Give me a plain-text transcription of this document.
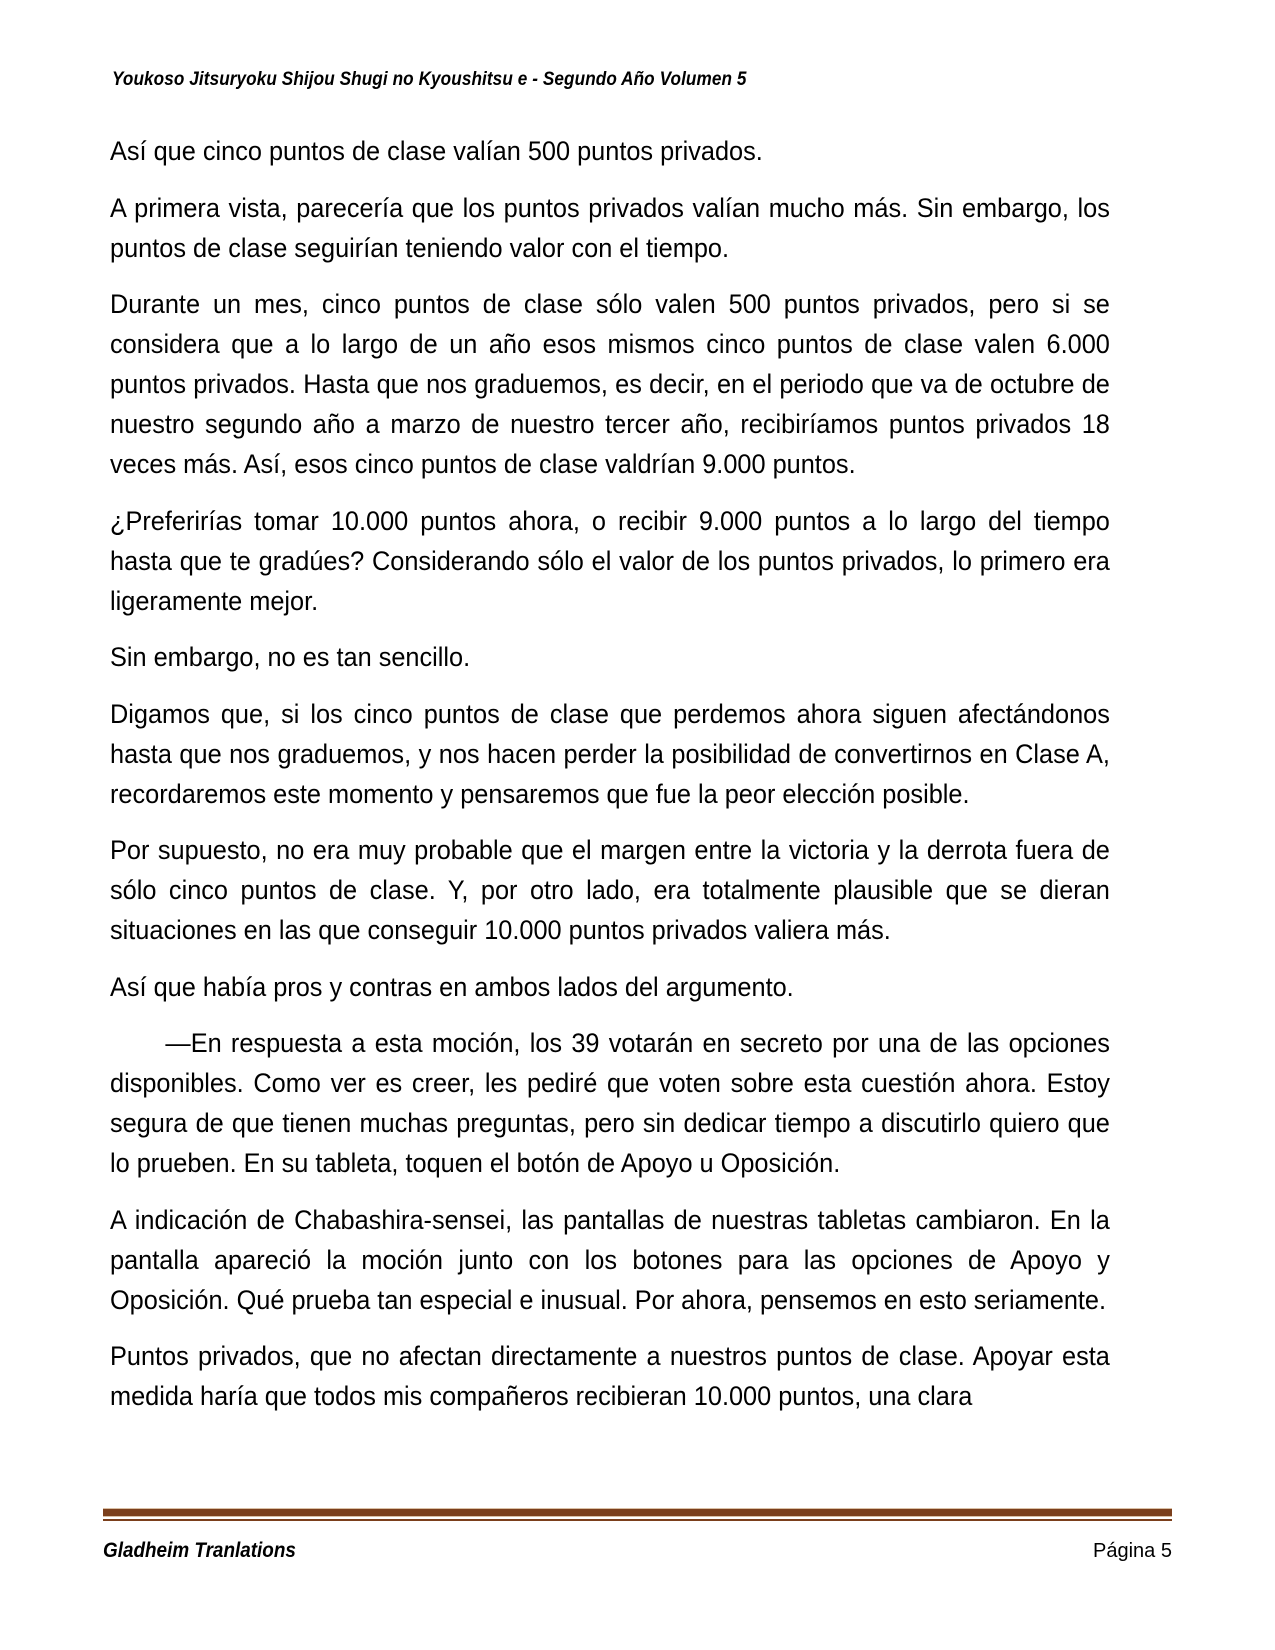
Youkoso Jitsuryoku Shijou Shugi no Kyoushitsu e - Segundo Año Volumen 5

Así que cinco puntos de clase valían 500 puntos privados.

A primera vista, parecería que los puntos privados valían mucho más. Sin embargo, los puntos de clase seguirían teniendo valor con el tiempo.

Durante un mes, cinco puntos de clase sólo valen 500 puntos privados, pero si se considera que a lo largo de un año esos mismos cinco puntos de clase valen 6.000 puntos privados. Hasta que nos graduemos, es decir, en el periodo que va de octubre de nuestro segundo año a marzo de nuestro tercer año, recibiríamos puntos privados 18 veces más. Así, esos cinco puntos de clase valdrían 9.000 puntos.

¿Preferirías tomar 10.000 puntos ahora, o recibir 9.000 puntos a lo largo del tiempo hasta que te gradúes? Considerando sólo el valor de los puntos privados, lo primero era ligeramente mejor.

Sin embargo, no es tan sencillo.

Digamos que, si los cinco puntos de clase que perdemos ahora siguen afectándonos hasta que nos graduemos, y nos hacen perder la posibilidad de convertirnos en Clase A, recordaremos este momento y pensaremos que fue la peor elección posible.

Por supuesto, no era muy probable que el margen entre la victoria y la derrota fuera de sólo cinco puntos de clase. Y, por otro lado, era totalmente plausible que se dieran situaciones en las que conseguir 10.000 puntos privados valiera más.

Así que había pros y contras en ambos lados del argumento.

—En respuesta a esta moción, los 39 votarán en secreto por una de las opciones disponibles. Como ver es creer, les pediré que voten sobre esta cuestión ahora. Estoy segura de que tienen muchas preguntas, pero sin dedicar tiempo a discutirlo quiero que lo prueben. En su tableta, toquen el botón de Apoyo u Oposición.

A indicación de Chabashira-sensei, las pantallas de nuestras tabletas cambiaron. En la pantalla apareció la moción junto con los botones para las opciones de Apoyo y Oposición. Qué prueba tan especial e inusual. Por ahora, pensemos en esto seriamente.

Puntos privados, que no afectan directamente a nuestros puntos de clase. Apoyar esta medida haría que todos mis compañeros recibieran 10.000 puntos, una clara

Gladheim Tranlations	Página 5
